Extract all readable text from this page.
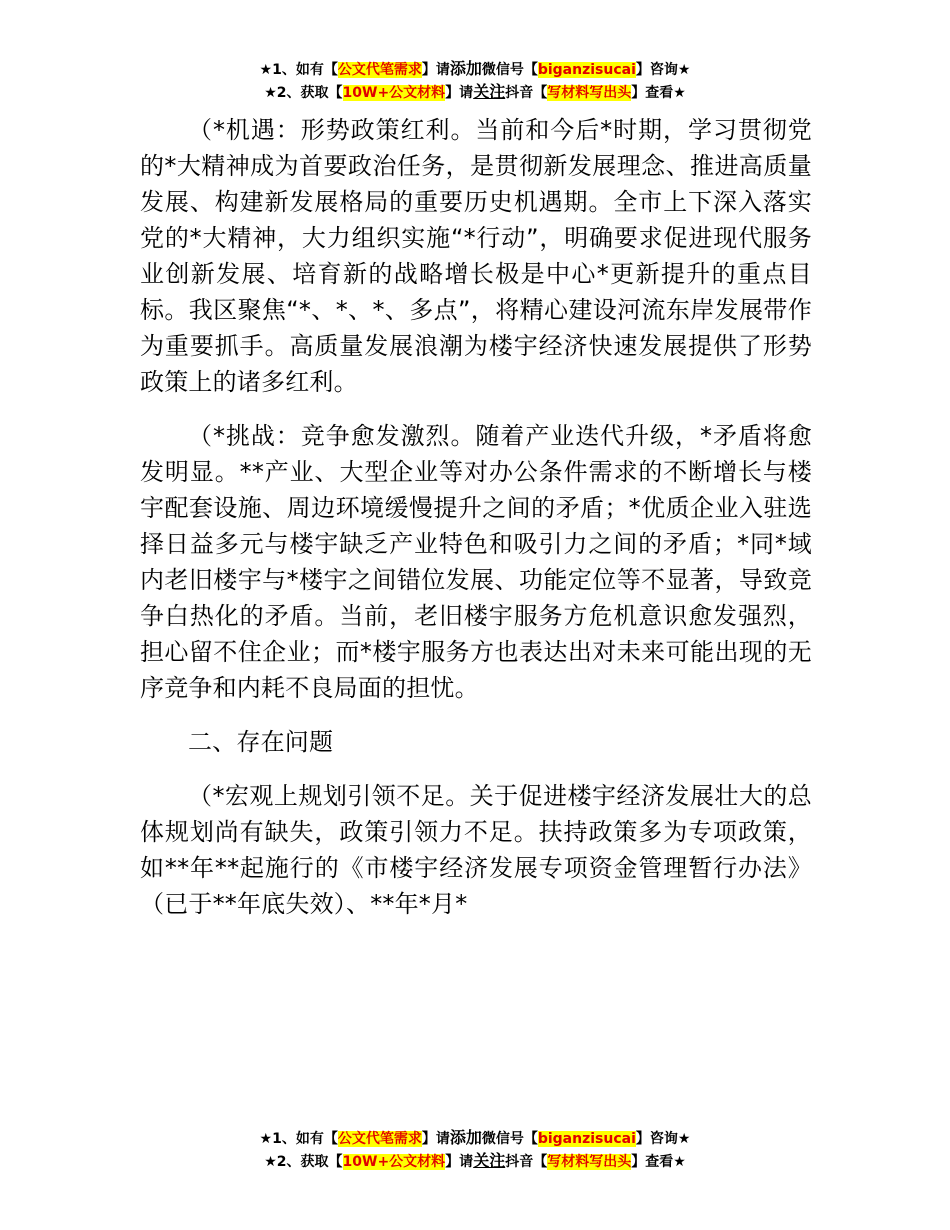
★1、如有【公文代笔需求】请添加微信号【biganzisucai】咨询★
★2、获取【10W+公文材料】请关注抖音【写材料写出头】查看★

（*机遇：形势政策红利。当前和今后*时期，学习贯彻党的*大精神成为首要政治任务，是贯彻新发展理念、推进高质量发展、构建新发展格局的重要历史机遇期。全市上下深入落实党的*大精神，大力组织实施“*行动”，明确要求促进现代服务业创新发展、培育新的战略增长极是中心*更新提升的重点目标。我区聚焦“*、*、*、多点”，将精心建设河流东岸发展带作为重要抓手。高质量发展浪潮为楼宇经济快速发展提供了形势政策上的诸多红利。

（*挑战：竞争愈发激烈。随着产业迭代升级，*矛盾将愈发明显。**产业、大型企业等对办公条件需求的不断增长与楼宇配套设施、周边环境缓慢提升之间的矛盾；*优质企业入驻选择日益多元与楼宇缺乏产业特色和吸引力之间的矛盾；*同*域内老旧楼宇与*楼宇之间错位发展、功能定位等不显著，导致竞争白热化的矛盾。当前，老旧楼宇服务方危机意识愈发强烈，担心留不住企业；而*楼宇服务方也表达出对未来可能出现的无序竞争和内耗不良局面的担忧。

二、存在问题

（*宏观上规划引领不足。关于促进楼宇经济发展壮大的总体规划尚有缺失，政策引领力不足。扶持政策多为专项政策，如**年**起施行的《市楼宇经济发展专项资金管理暂行办法》（已于**年底失效）、**年*月*

★1、如有【公文代笔需求】请添加微信号【biganzisucai】咨询★
★2、获取【10W+公文材料】请关注抖音【写材料写出头】查看★
